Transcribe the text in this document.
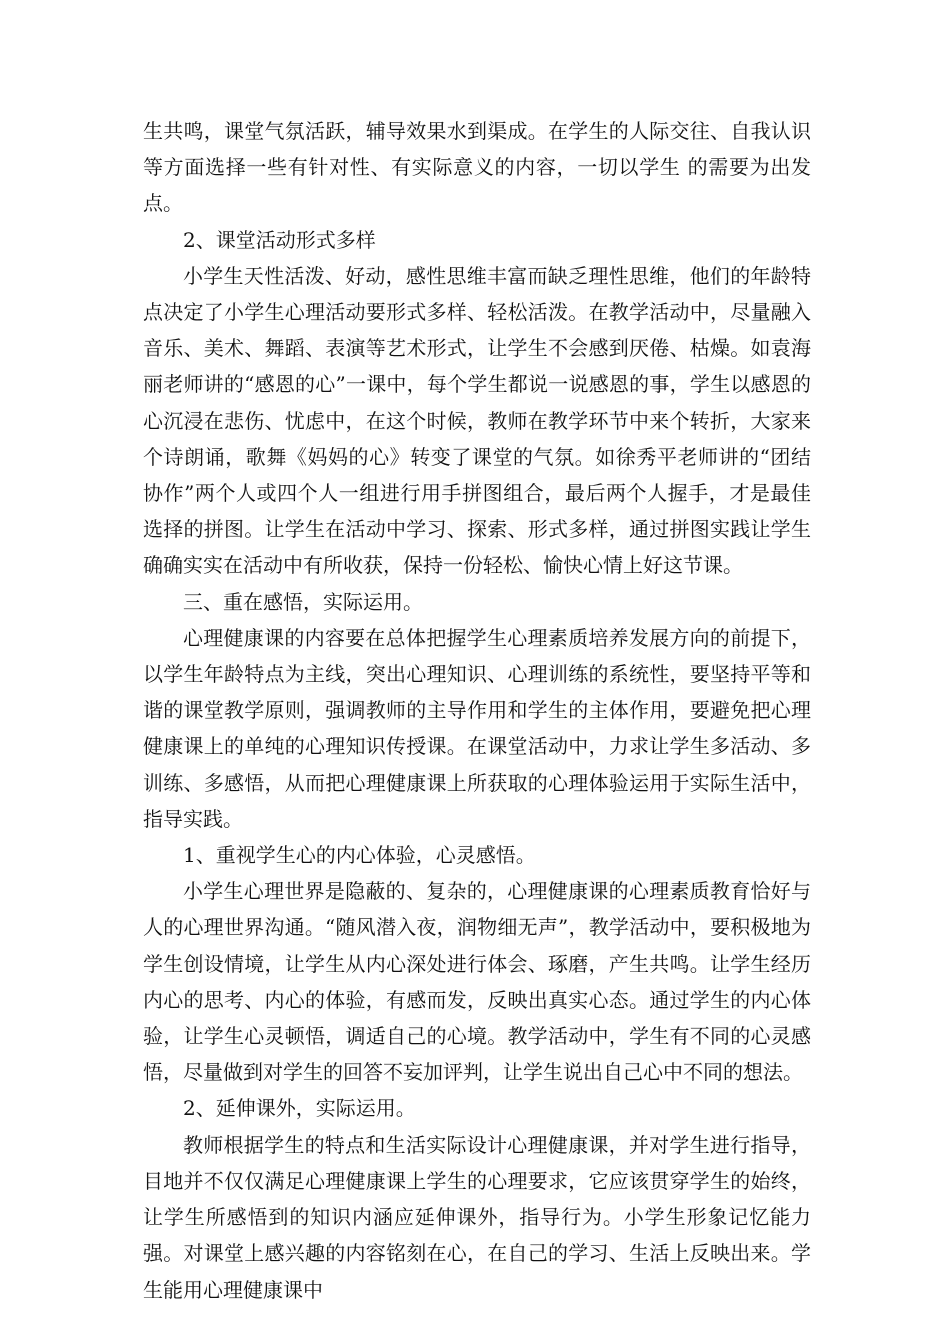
生共鸣，课堂气氛活跃，辅导效果水到渠成。在学生的人际交往、自我认识等方面选择一些有针对性、有实际意义的内容，一切以学生 的需要为出发点。

2、课堂活动形式多样

小学生天性活泼、好动，感性思维丰富而缺乏理性思维，他们的年龄特点决定了小学生心理活动要形式多样、轻松活泼。在教学活动中，尽量融入音乐、美术、舞蹈、表演等艺术形式，让学生不会感到厌倦、枯燥。如袁海丽老师讲的“感恩的心”一课中，每个学生都说一说感恩的事，学生以感恩的心沉浸在悲伤、忧虑中，在这个时候，教师在教学环节中来个转折，大家来个诗朗诵，歌舞《妈妈的心》转变了课堂的气氛。如徐秀平老师讲的“团结协作”两个人或四个人一组进行用手拼图组合，最后两个人握手，才是最佳选择的拼图。让学生在活动中学习、探索、形式多样，通过拼图实践让学生确确实实在活动中有所收获，保持一份轻松、愉快心情上好这节课。

三、重在感悟，实际运用。

心理健康课的内容要在总体把握学生心理素质培养发展方向的前提下，以学生年龄特点为主线，突出心理知识、心理训练的系统性，要坚持平等和谐的课堂教学原则，强调教师的主导作用和学生的主体作用，要避免把心理健康课上的单纯的心理知识传授课。在课堂活动中，力求让学生多活动、多训练、多感悟，从而把心理健康课上所获取的心理体验运用于实际生活中，指导实践。

1、重视学生心的内心体验，心灵感悟。

小学生心理世界是隐蔽的、复杂的，心理健康课的心理素质教育恰好与人的心理世界沟通。“随风潜入夜，润物细无声”，教学活动中，要积极地为学生创设情境，让学生从内心深处进行体会、琢磨，产生共鸣。让学生经历内心的思考、内心的体验，有感而发，反映出真实心态。通过学生的内心体验，让学生心灵顿悟，调适自己的心境。教学活动中，学生有不同的心灵感悟，尽量做到对学生的回答不妄加评判，让学生说出自己心中不同的想法。

2、延伸课外，实际运用。

教师根据学生的特点和生活实际设计心理健康课，并对学生进行指导，目地并不仅仅满足心理健康课上学生的心理要求，它应该贯穿学生的始终，让学生所感悟到的知识内涵应延伸课外，指导行为。小学生形象记忆能力强。对课堂上感兴趣的内容铭刻在心，在自己的学习、生活上反映出来。学生能用心理健康课中
